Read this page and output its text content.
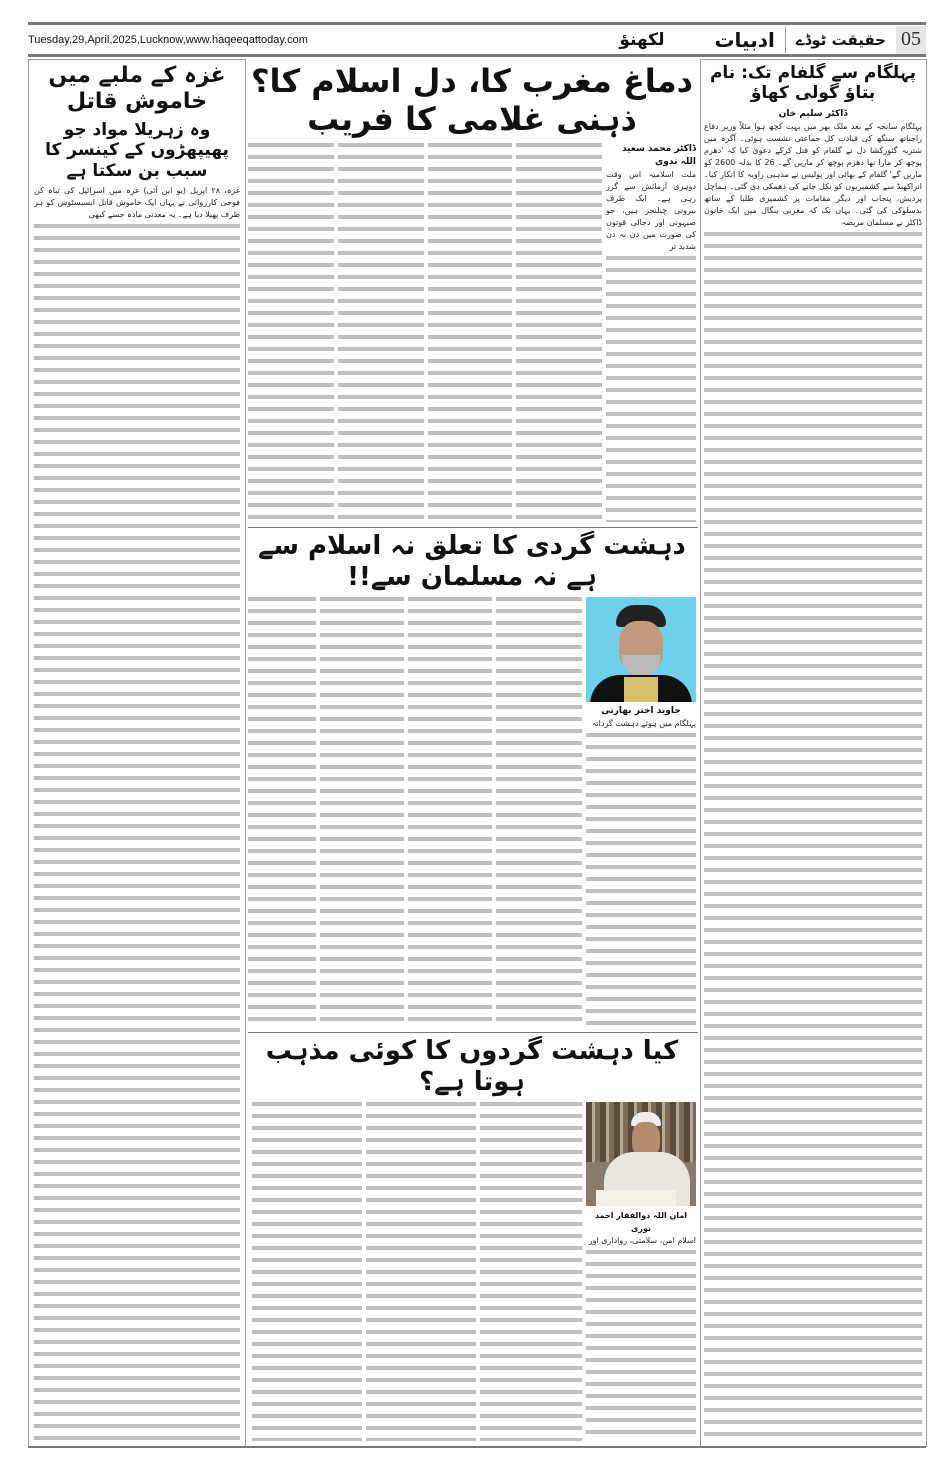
05
حقیقت ٹوڈے
ادبیات
لکھنؤ
Tuesday,29,April,2025,Lucknow,www.haqeeqattoday.com
غزہ کے ملبے میں خاموش قاتل
وہ زہریلا مواد جو پھیپھڑوں کے کینسر کا سبب بن سکتا ہے
غزہ، ۲۸ اپریل (یو این آئی) غزہ میں اسرائیل کی تباہ کن فوجی کارروائی نے یہاں ایک خاموش قاتل ایسبسٹوس کو ہر طرف پھیلا دیا ہے۔ یہ معدنی مادہ جسے کبھی
دماغ مغرب کا، دل اسلام کا؟ ذہنی غلامی کا فریب
ڈاکٹر محمد سعید اللہ ندوی
ملت اسلامیہ اس وقت دوہری آزمائش سے گزر رہی ہے۔ ایک طرف بیرونی چیلنجز ہیں، جو صیہونی اور دجالی قوتوں کی صورت میں دن بہ دن شدید تر
دہشت گردی کا تعلق نہ اسلام سے ہے نہ مسلمان سے!!
جاوید اختر بھارتی
پہلگام میں ہوئے دہشت گردانہ
کیا دہشت گردوں کا کوئی مذہب ہوتا ہے؟
امان اللہ ذوالفقار احمد نوری
اسلام امن، سلامتی، رواداری اور
پہلگام سے گلفام تک: نام بتاؤ گولی کھاؤ
ڈاکٹر سلیم خان
پہلگام سانحہ کے بعد ملک بھر میں بہت کچھ ہوا مثلاً وزیر دفاع راجناتھ سنگھ کی قیادت کل جماعتی نشست ہوئی۔ آگرہ میں شتریہ گئورکشا دل نے گلفام کو قتل کرکے دعویٰ کیا کہ 'دھرم پوچھ کر مارا تھا دھرم پوچھ کر ماریں گے۔ 26 کا بدلہ 2600 کو ماریں گے' گلفام کے بھائی اور پولیس نے مذہبی زاویہ کا انکار کیا۔ اتراکھنڈ سے کشمیریوں کو نکل جانے کی دھمکی دی گئی۔ ہماچل پردیش، پنجاب اور دیگر مقامات پر کشمیری طلبا کے ساتھ بدسلوکی کی گئی۔ یہاں تک کہ مغربی بنگال میں ایک خاتون ڈاکٹر نے مسلمان مریضہ
